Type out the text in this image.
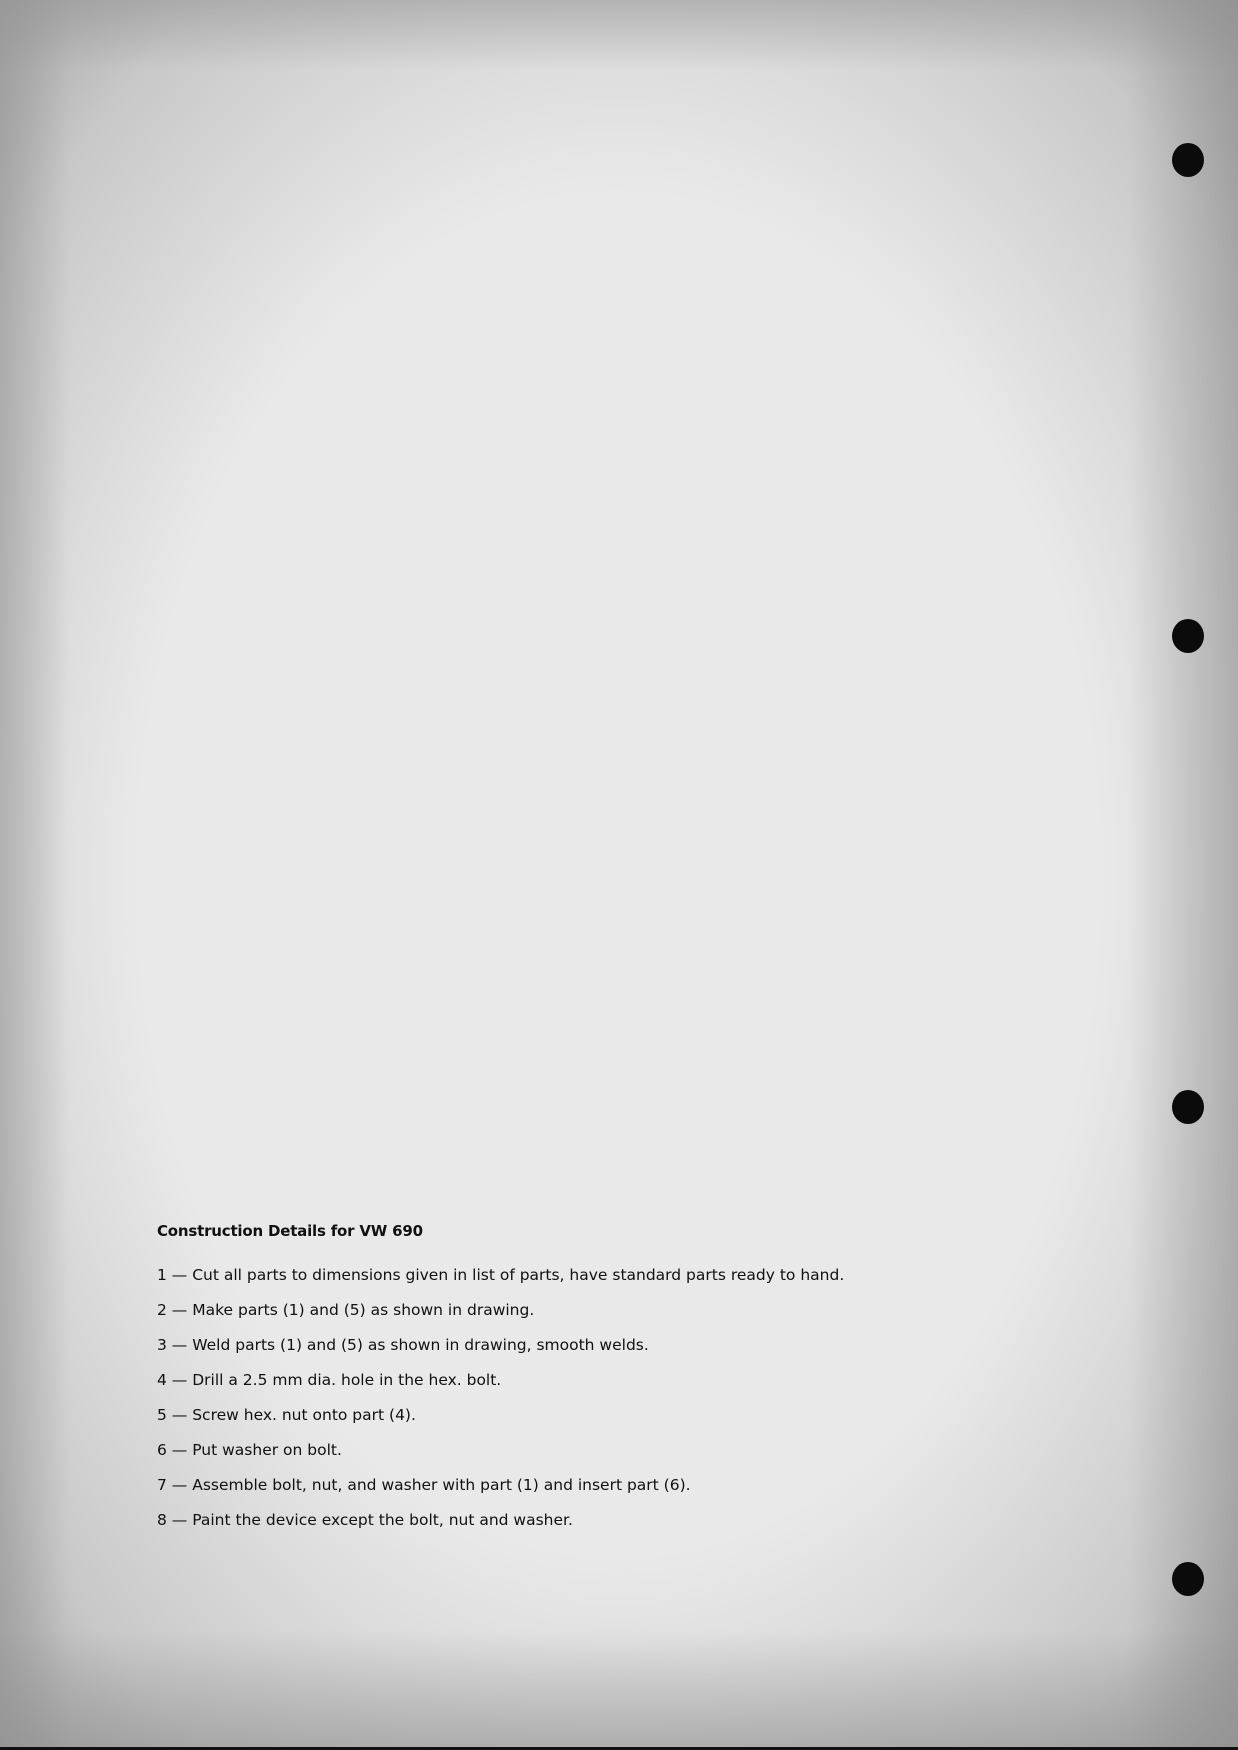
Construction Details for VW 690
1 — Cut all parts to dimensions given in list of parts, have standard parts ready to hand.
2 — Make parts (1) and (5) as shown in drawing.
3 — Weld parts (1) and (5) as shown in drawing, smooth welds.
4 — Drill a 2.5 mm dia. hole in the hex. bolt.
5 — Screw hex. nut onto part (4).
6 — Put washer on bolt.
7 — Assemble bolt, nut, and washer with part (1) and insert part (6).
8 — Paint the device except the bolt, nut and washer.
